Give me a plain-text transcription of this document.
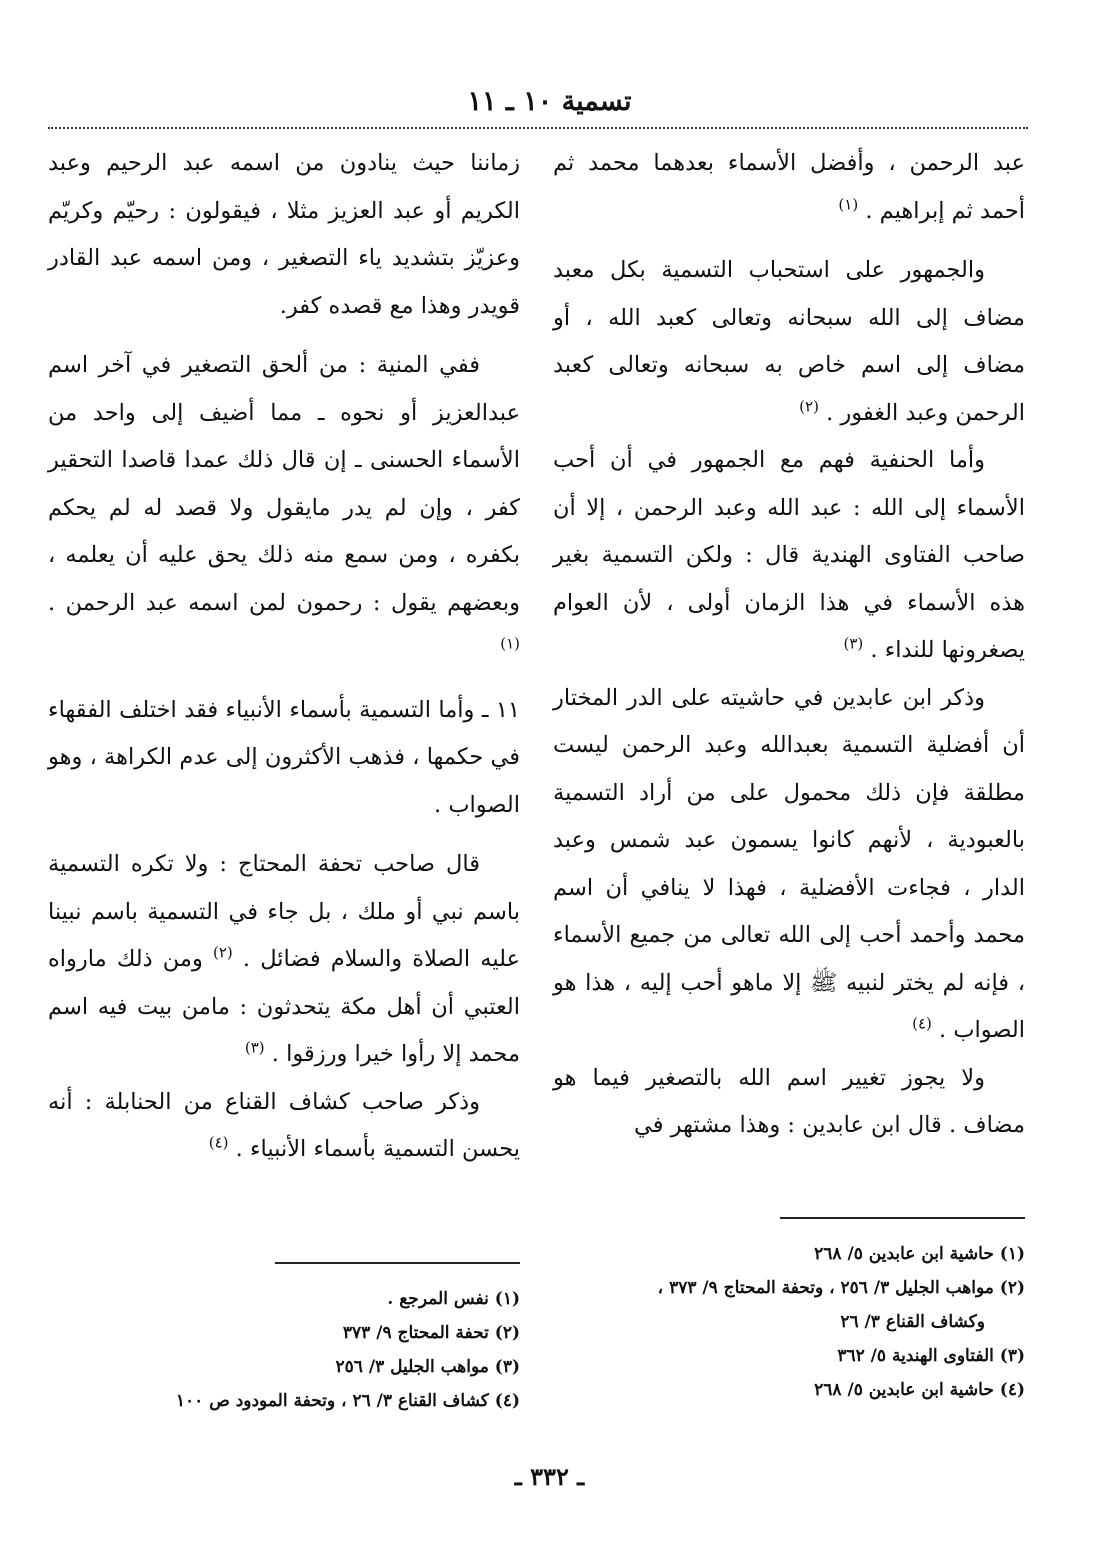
تسمية ١٠ ـ ١١

عبد الرحمن ، وأفضل الأسماء بعدهما محمد ثم أحمد ثم إبراهيم . $^{(١)}$

والجمهور على استحباب التسمية بكل معبد مضاف إلى الله سبحانه وتعالى كعبد الله ، أو مضاف إلى اسم خاص به سبحانه وتعالى كعبد الرحمن وعبد الغفور . $^{(٢)}$

وأما الحنفية فهم مع الجمهور في أن أحب الأسماء إلى الله : عبد الله وعبد الرحمن ، إلا أن صاحب الفتاوى الهندية قال : ولكن التسمية بغير هذه الأسماء في هذا الزمان أولى ، لأن العوام يصغرونها للنداء . $^{(٣)}$

وذكر ابن عابدين في حاشيته على الدر المختار أن أفضلية التسمية بعبدالله وعبد الرحمن ليست مطلقة فإن ذلك محمول على من أراد التسمية بالعبودية ، لأنهم كانوا يسمون عبد شمس وعبد الدار ، فجاءت الأفضلية ، فهذا لا ينافي أن اسم محمد وأحمد أحب إلى الله تعالى من جميع الأسماء ، فإنه لم يختر لنبيه ﷺ إلا ماهو أحب إليه ، هذا هو الصواب . $^{(٤)}$

ولا يجوز تغيير اسم الله بالتصغير فيما هو مضاف . قال ابن عابدين : وهذا مشتهر في

(١) حاشية ابن عابدين ٥/ ٢٦٨

(٢) مواهب الجليل ٣/ ٢٥٦ ، وتحفة المحتاج ٩/ ٣٧٣ ،

وكشاف القناع ٣/ ٢٦

(٣) الفتاوى الهندية ٥/ ٣٦٢

(٤) حاشية ابن عابدين ٥/ ٢٦٨

زماننا حيث ينادون من اسمه عبد الرحيم وعبد الكريم أو عبد العزيز مثلا ، فيقولون : رحيّم وكريّم وعزيّز بتشديد ياء التصغير ، ومن اسمه عبد القادر قويدر وهذا مع قصده كفر.

ففي المنية : من ألحق التصغير في آخر اسم عبدالعزيز أو نحوه ـ مما أضيف إلى واحد من الأسماء الحسنى ـ إن قال ذلك عمدا قاصدا التحقير كفر ، وإن لم يدر مايقول ولا قصد له لم يحكم بكفره ، ومن سمع منه ذلك يحق عليه أن يعلمه ، وبعضهم يقول : رحمون لمن اسمه عبد الرحمن . $^{(١)}$

١١ ـ وأما التسمية بأسماء الأنبياء فقد اختلف الفقهاء في حكمها ، فذهب الأكثرون إلى عدم الكراهة ، وهو الصواب .

قال صاحب تحفة المحتاج : ولا تكره التسمية باسم نبي أو ملك ، بل جاء في التسمية باسم نبينا عليه الصلاة والسلام فضائل . $^{(٢)}$ ومن ذلك مارواه العتبي أن أهل مكة يتحدثون : مامن بيت فيه اسم محمد إلا رأوا خيرا ورزقوا . $^{(٣)}$

وذكر صاحب كشاف القناع من الحنابلة : أنه يحسن التسمية بأسماء الأنبياء . $^{(٤)}$

(١) نفس المرجع .

(٢) تحفة المحتاج ٩/ ٣٧٣

(٣) مواهب الجليل ٣/ ٢٥٦

(٤) كشاف القناع ٣/ ٢٦ ، وتحفة المودود ص ١٠٠

ـ ٣٣٢ ـ
